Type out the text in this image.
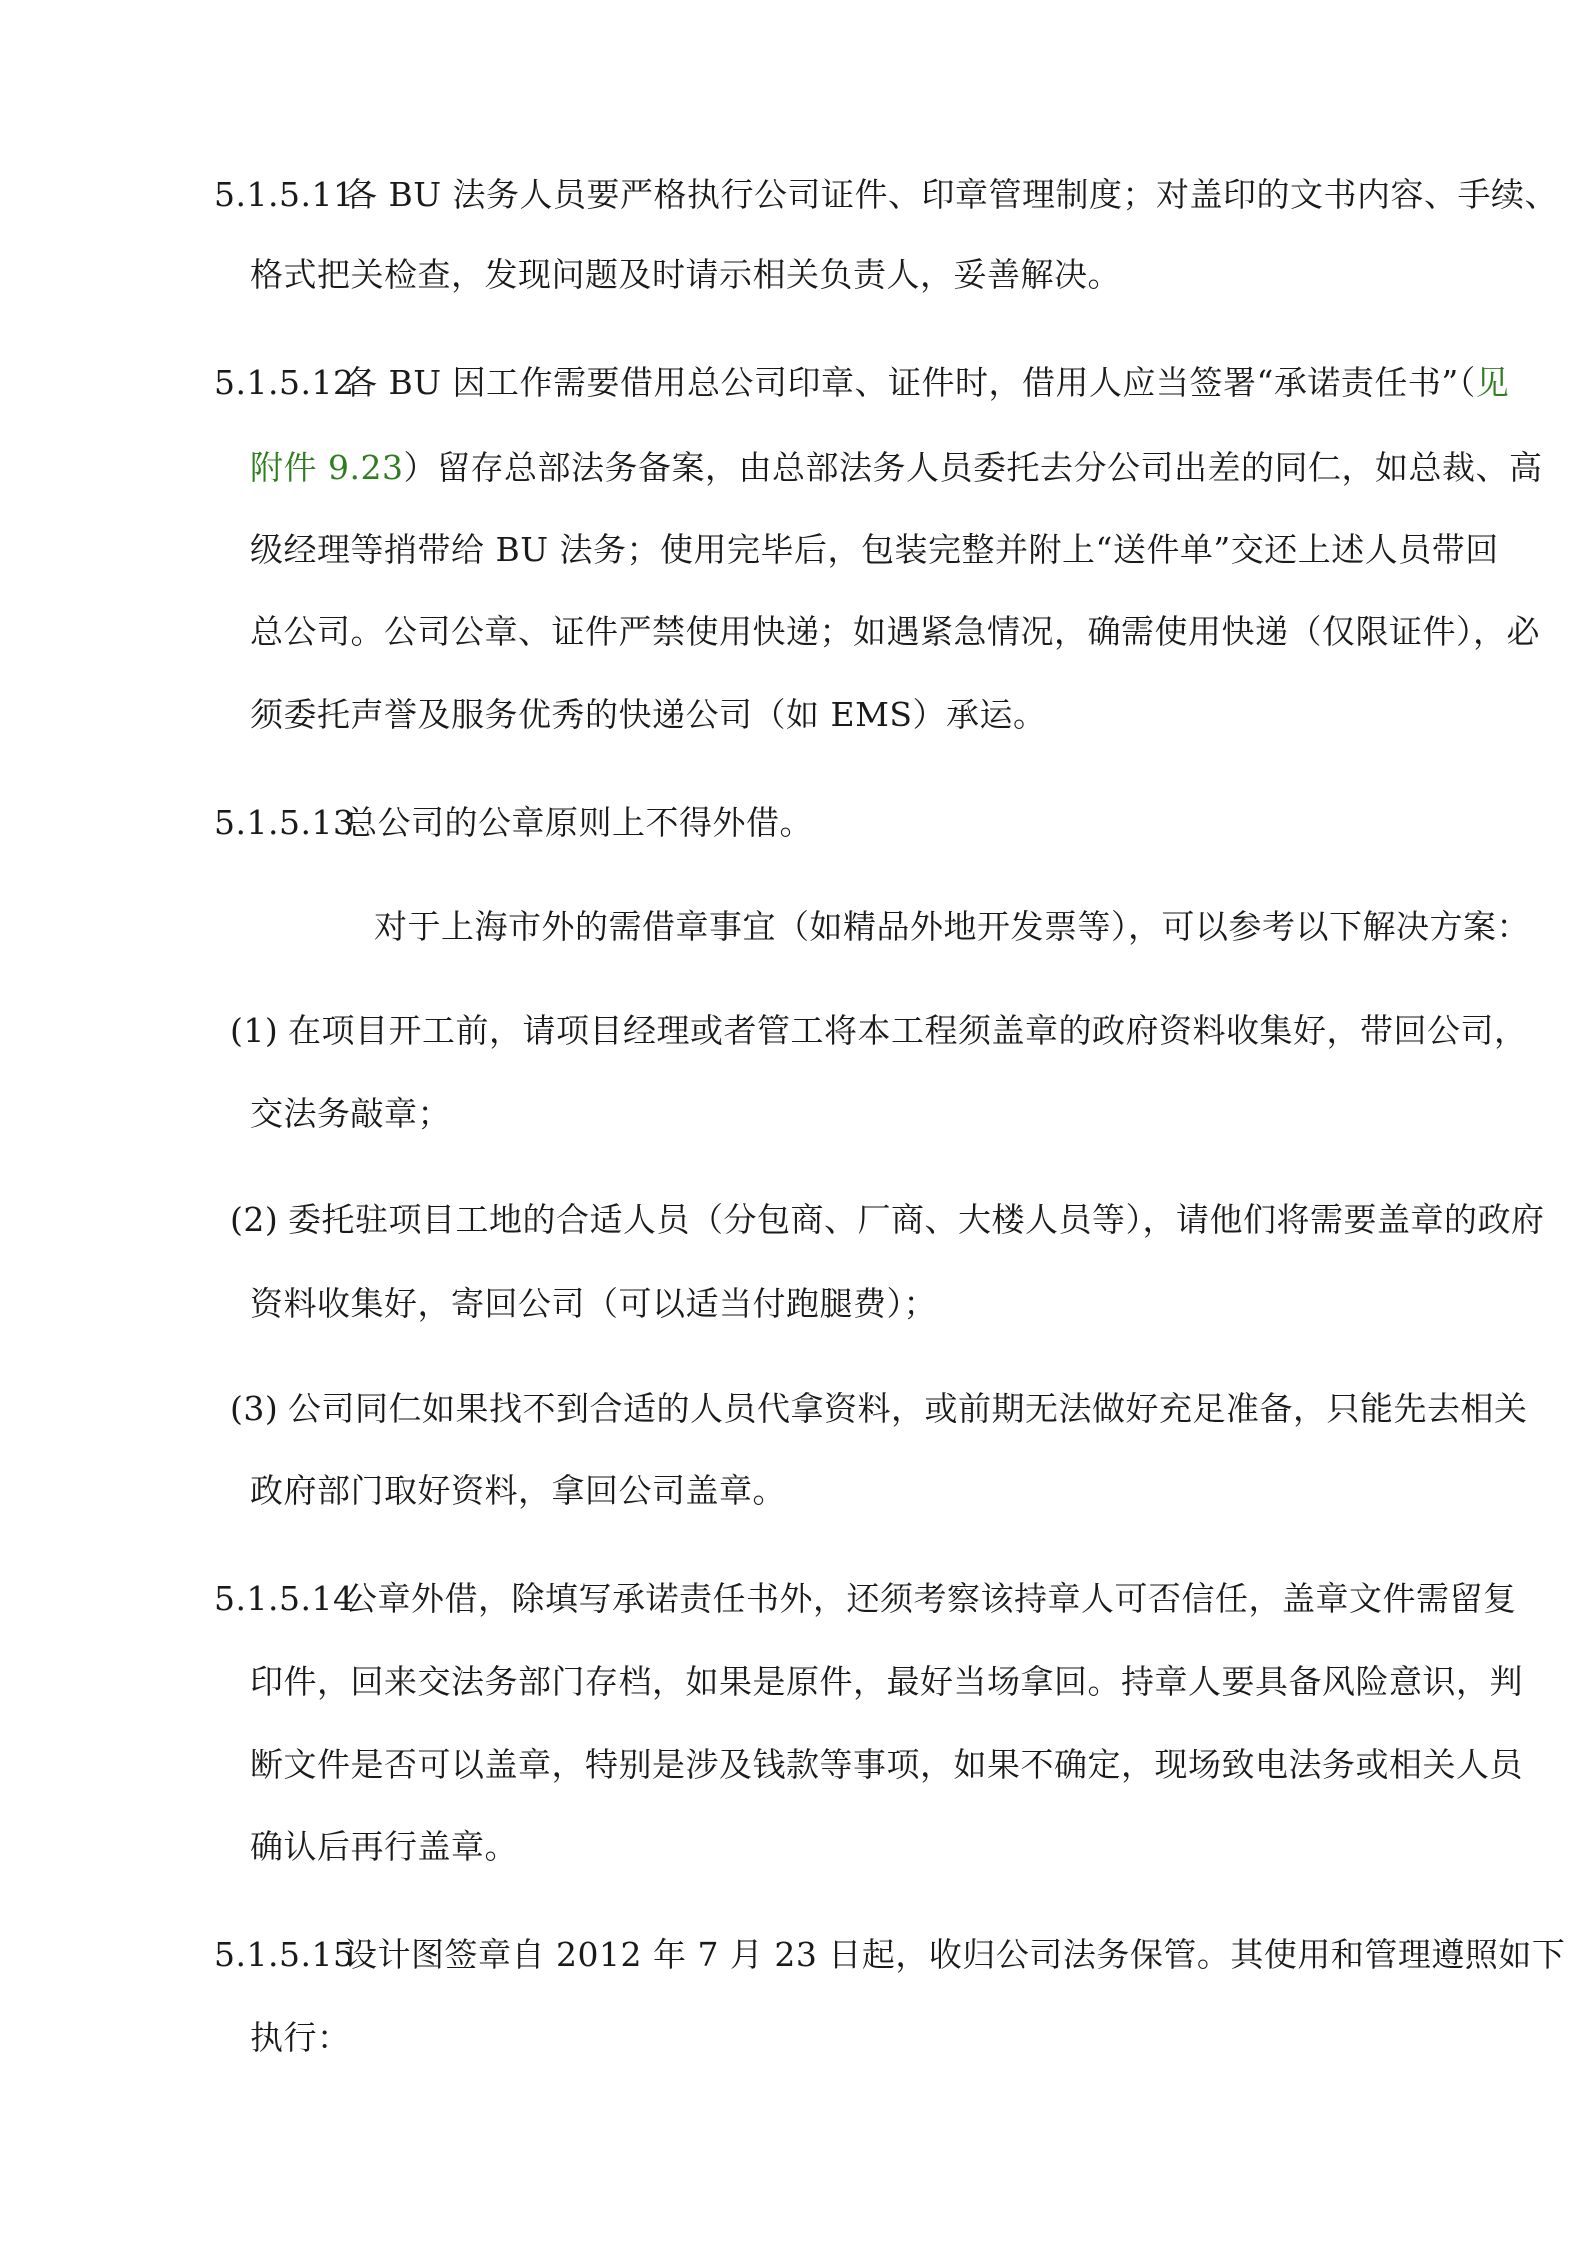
5.1.5.11各 BU 法务人员要严格执行公司证件、印章管理制度；对盖印的文书内容、手续、
格式把关检查，发现问题及时请示相关负责人，妥善解决。
5.1.5.12各 BU 因工作需要借用总公司印章、证件时，借用人应当签署“承诺责任书”（见
附件 9.23）留存总部法务备案，由总部法务人员委托去分公司出差的同仁，如总裁、高
级经理等捎带给 BU 法务；使用完毕后，包装完整并附上“送件单”交还上述人员带回
总公司。公司公章、证件严禁使用快递；如遇紧急情况，确需使用快递（仅限证件），必
须委托声誉及服务优秀的快递公司（如 EMS）承运。
5.1.5.13总公司的公章原则上不得外借。
对于上海市外的需借章事宜（如精品外地开发票等），可以参考以下解决方案：
(1) 在项目开工前，请项目经理或者管工将本工程须盖章的政府资料收集好，带回公司，
交法务敲章；
(2) 委托驻项目工地的合适人员（分包商、厂商、大楼人员等），请他们将需要盖章的政府
资料收集好，寄回公司（可以适当付跑腿费）；
(3) 公司同仁如果找不到合适的人员代拿资料，或前期无法做好充足准备，只能先去相关
政府部门取好资料，拿回公司盖章。
5.1.5.14公章外借，除填写承诺责任书外，还须考察该持章人可否信任，盖章文件需留复
印件，回来交法务部门存档，如果是原件，最好当场拿回。持章人要具备风险意识，判
断文件是否可以盖章，特别是涉及钱款等事项，如果不确定，现场致电法务或相关人员
确认后再行盖章。
5.1.5.15设计图签章自 2012 年 7 月 23 日起，收归公司法务保管。其使用和管理遵照如下
执行：
